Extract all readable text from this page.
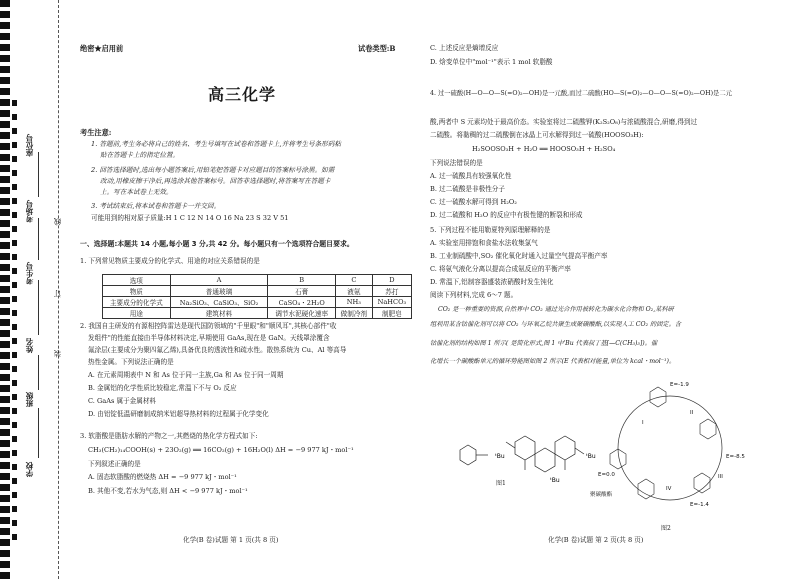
学校
班级
姓名
考生号
考场号
座位号
装
订
线
绝密★启用前	试卷类型:B
高三化学
考生注意:
1. 答题前,考生务必将自己的姓名、考生号填写在试卷和答题卡上,并将考生号条形码粘
贴在答题卡上的指定位置。
2. 回答选择题时,选出每小题答案后,用铅笔把答题卡对应题目的答案标号涂黑。如需
改动,用橡皮擦干净后,再选涂其他答案标号。回答非选择题时,将答案写在答题卡
上。写在本试卷上无效。
3. 考试结束后,将本试卷和答题卡一并交回。
可能用到的相对原子质量:H 1 C 12 N 14 O 16 Na 23 S 32 V 51
一、选择题:本题共 14 小题,每小题 3 分,共 42 分。每小题只有一个选项符合题目要求。
1. 下列常见物质主要成分的化学式、用途的对应关系错误的是
选项	A	B	C	D
物质	普通玻璃	石膏	液氨	苏打
主要成分的化学式	Na₂SiO₃、CaSiO₃、SiO₂	CaSO₄・2H₂O	NH₃	NaHCO₃
用途	建筑材料	调节水泥硬化速率	做制冷剂	制肥皂
2. 我国自主研发的有源相控阵雷达是现代国防领域的"千里眼"和"顺风耳",其核心部件"收
发组件"的性能直接由半导体材料决定,早期使用 GaAs,现在是 GaN。天线罩涂覆含
氟涂层(主要成分为聚四氟乙烯),具备优良的透波性和疏水性。散热系统为 Cu、Al 等高导
热性金属。下列说法正确的是
A. 在元素周期表中 N 和 As 位于同一主族,Ga 和 As 位于同一周期
B. 金属铝的化学性质比较稳定,常温下不与 O₂ 反应
C. GaAs 属于金属材料
D. 由铝锭低温研磨制成纳米铝超导热材料的过程属于化学变化
3. 软脂酸是脂肪水解的产物之一,其燃烧的热化学方程式如下:
CH₃(CH₂)₁₄COOH(s) + 23O₂(g) ══ 16CO₂(g) + 16H₂O(l) ΔH = −9 977 kJ・mol⁻¹
下列叙述正确的是
A. 固态软脂酸的燃烧热 ΔH = −9 977 kJ・mol⁻¹
B. 其他不变,若水为气态,则 ΔH < −9 977 kJ・mol⁻¹
化学(B 卷)试题 第 1 页(共 8 页)
C. 上述反应是熵增反应
D. 焓变单位中"mol⁻¹"表示 1 mol 软脂酸
4. 过一硫酸(H—O—O—S(=O)₂—OH)是一元酸,而过二硫酸(HO—S(=O)₂—O—O—S(=O)₂—OH)是二元
酸,两者中 S 元素均处于最高价态。实验室将过二硫酸钾(K₂S₂O₈)与浓硫酸混合,研磨,得到过
二硫酸。将黏稠的过二硫酸倒在冰晶上可水解得到过一硫酸(HOOSO₃H):
H₂SOOSO₃H + H₂O ══ HOOSO₃H + H₂SO₄
下列说法错误的是
A. 过一硫酸具有较强氧化性
B. 过二硫酸是非极性分子
C. 过一硫酸水解可得到 H₂O₂
D. 过二硫酸和 H₂O 的反应中有极性键的断裂和形成
5. 下列过程不能用勒夏特列原理解释的是
A. 实验室用排饱和食盐水法收集氯气
B. 工业制硫酸中,SO₂ 催化氧化时通入过量空气提高平衡产率
C. 将氨气液化分离以提高合成氨反应的平衡产率
D. 常温下,铝制容器盛装浓硝酸时发生钝化
阅读下列材料,完成 6～7 题。
CO₂ 是一种重要的资源,自然界中 CO₂ 通过光合作用被转化为碳水化合物和 O₂,某科研
组利用某含钴催化剂可以将 CO₂ 与环氧乙烷共聚生成聚碳酸酯,以实现人工 CO₂ 的固定。含
钴催化剂的结构如图 1 所示( 是简化形式,图 1 中'Bu 代表叔丁基[—C(CH₃)₃])。催
化增长一个碳酸酯单元的循环势能图如图 2 所示(E 代表相对能量,单位为 kcal・mol⁻¹)。
ᵗBu	ᵗBu
ᵗBu
图1
E=-1.9
I
II
E=-8.5
III
E=0.0
IV
E=-1.4
聚碳酸酯
图2
化学(B 卷)试题 第 2 页(共 8 页)
